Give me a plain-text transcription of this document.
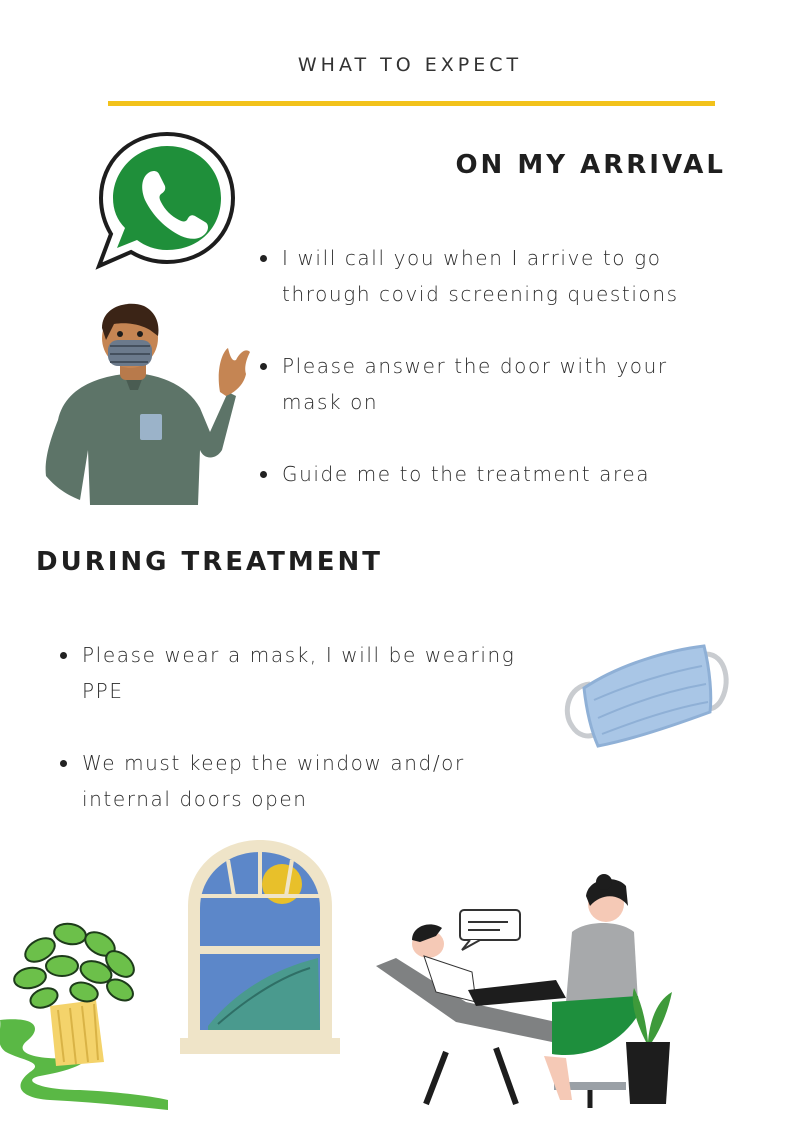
WHAT TO EXPECT
ON MY ARRIVAL
I will call you when I arrive to go through covid screening questions
Please answer the door with your mask on
Guide me to the treatment area
DURING TREATMENT
Please wear a mask, I will be wearing PPE
We must keep the window and/or internal doors open
